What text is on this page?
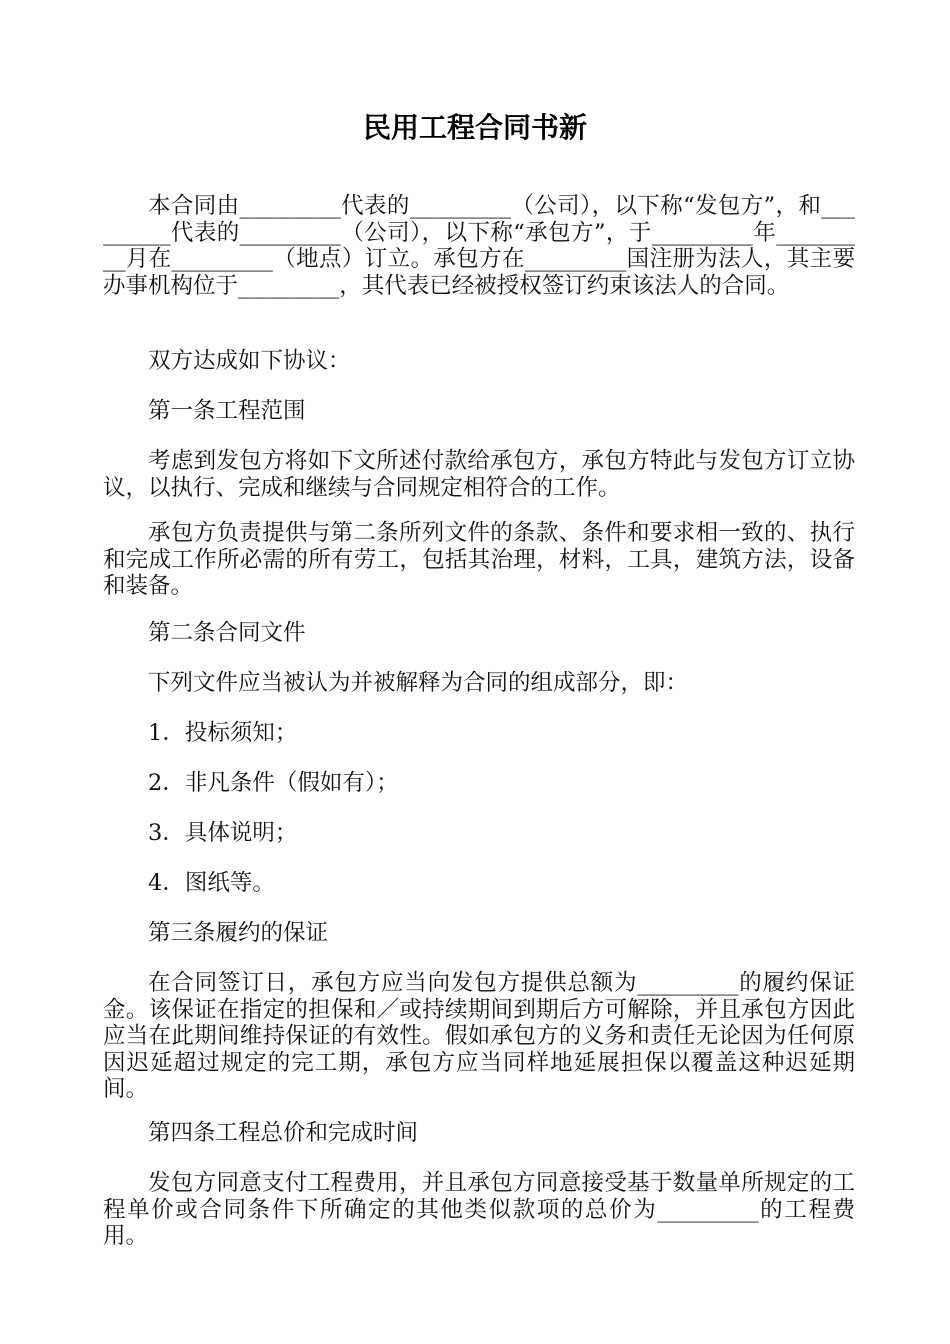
民用工程合同书新

本合同由_________代表的_________（公司），以下称“发包方”，和_________代表的_________（公司），以下称“承包方”，于_________年_________月在_________（地点）订立。承包方在_________国注册为法人，其主要办事机构位于_________，其代表已经被授权签订约束该法人的合同。

双方达成如下协议：

第一条工程范围

考虑到发包方将如下文所述付款给承包方，承包方特此与发包方订立协议，以执行、完成和继续与合同规定相符合的工作。

承包方负责提供与第二条所列文件的条款、条件和要求相一致的、执行和完成工作所必需的所有劳工，包括其治理，材料，工具，建筑方法，设备和装备。

第二条合同文件

下列文件应当被认为并被解释为合同的组成部分，即：

1．投标须知；

2．非凡条件（假如有）；

3．具体说明；

4．图纸等。

第三条履约的保证

在合同签订日，承包方应当向发包方提供总额为_________的履约保证金。该保证在指定的担保和／或持续期间到期后方可解除，并且承包方因此应当在此期间维持保证的有效性。假如承包方的义务和责任无论因为任何原因迟延超过规定的完工期，承包方应当同样地延展担保以覆盖这种迟延期间。

第四条工程总价和完成时间

发包方同意支付工程费用，并且承包方同意接受基于数量单所规定的工程单价或合同条件下所确定的其他类似款项的总价为_________的工程费用。
